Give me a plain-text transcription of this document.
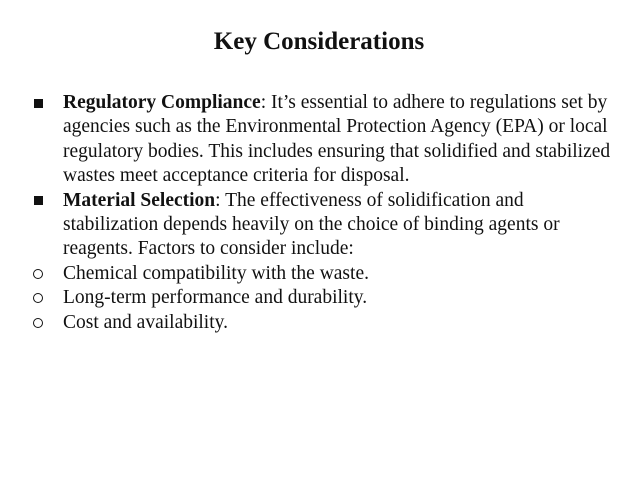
Key Considerations
Regulatory Compliance: It’s essential to adhere to regulations set by agencies such as the Environmental Protection Agency (EPA) or local regulatory bodies. This includes ensuring that solidified and stabilized wastes meet acceptance criteria for disposal.
Material Selection: The effectiveness of solidification and stabilization depends heavily on the choice of binding agents or reagents. Factors to consider include:
Chemical compatibility with the waste.
Long-term performance and durability.
Cost and availability.
